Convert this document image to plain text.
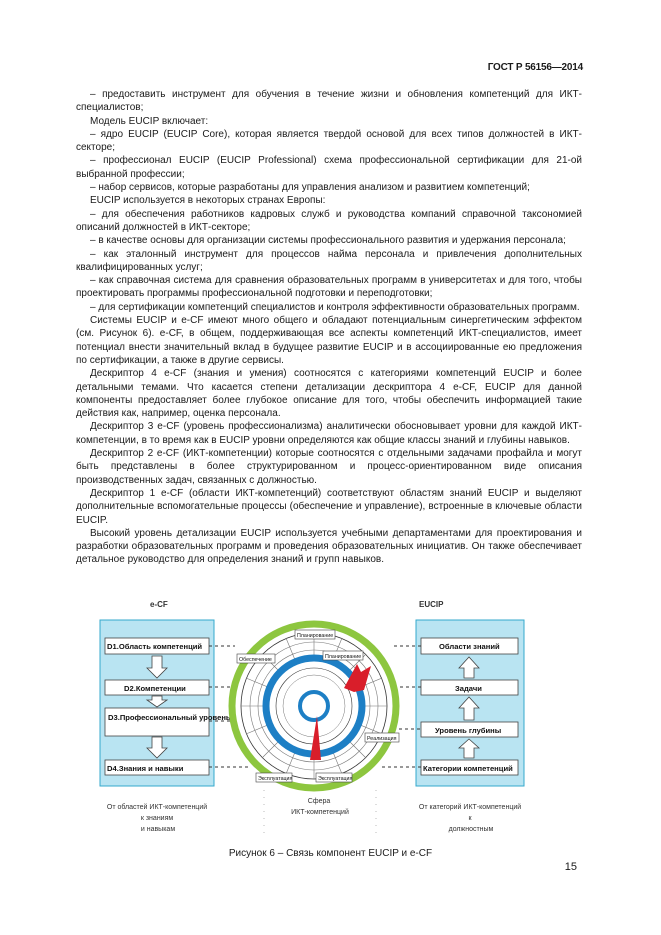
ГОСТ Р 56156—2014

– предоставить инструмент для обучения в течение жизни и обновления компетенций для ИКТ-специалистов;

Модель EUCIP включает:

– ядро EUCIP (EUCIP Core), которая является твердой основой для всех типов должностей в ИКТ-секторе;

– профессионал EUCIP (EUCIP Professional) схема профессиональной сертификации для 21-ой выбранной профессии;

– набор сервисов, которые разработаны для управления анализом и развитием компетенций;

EUCIP используется в некоторых странах Европы:

– для обеспечения работников кадровых служб и руководства компаний справочной таксономией описаний должностей в ИКТ-секторе;

– в качестве основы для организации системы профессионального развития и удержания персонала;

– как эталонный инструмент для процессов найма персонала и привлечения дополнительных квалифицированных услуг;

– как справочная система для сравнения образовательных программ в университетах и для того, чтобы проектировать программы профессиональной подготовки и переподготовки;

– для сертификации компетенций специалистов и контроля эффективности образовательных программ.

Системы EUCIP и e-CF имеют много общего и обладают потенциальным синергетическим эффектом (см. Рисунок 6). e-CF, в общем, поддерживающая все аспекты компетенций ИКТ-специалистов, имеет потенциал внести значительный вклад в будущее развитие EUCIP и в ассоциированные ею предложения по сертификации, а также в другие сервисы.

Дескриптор 4 e-CF (знания и умения) соотносятся с категориями компетенций EUCIP и более детальными темами. Что касается степени детализации дескриптора 4 e-CF, EUCIP для данной компоненты предоставляет более глубокое описание для того, чтобы обеспечить информацией такие действия как, например, оценка персонала.

Дескриптор 3 e-CF (уровень профессионализма) аналитически обосновывает уровни для каждой ИКТ-компетенции, в то время как в EUCIP уровни определяются как общие классы знаний и глубины навыков.

Дескриптор 2 e-CF (ИКТ-компетенции) которые соотносятся с отдельными задачами профайла и могут быть представлены в более структурированном и процесс-ориентированном виде описания производственных задач, связанных с должностью.

Дескриптор 1 e-CF (области ИКТ-компетенций) соответствуют областям знаний EUCIP и выделяют дополнительные вспомогательные процессы (обеспечение и управление), встроенные в ключевые области EUCIP.

Высокий уровень детализации EUCIP используется учебными департаментами для проектирования и разработки образовательных программ и проведения образовательных инициатив. Он также обеспечивает детальное руководство для определения знаний и групп навыков.

e-CF	EUCIP
D1.Область компетенций
D2.Компетенции
D3.Профессиональный уровень
D4.Знания и навыки
Области знаний
Задачи
Уровень глубины
Категории компетенций
Планирование
Обеспечение	Планирование
Реализация
Эксплуатация	Эксплуатация
От областей ИКТ-компетенций к знаниям и навыкам
Сфера ИКТ-компетенций
От категорий ИКТ-компетенций к должностным
Рисунок 6 – Связь компонент EUCIP и e-CF
15
